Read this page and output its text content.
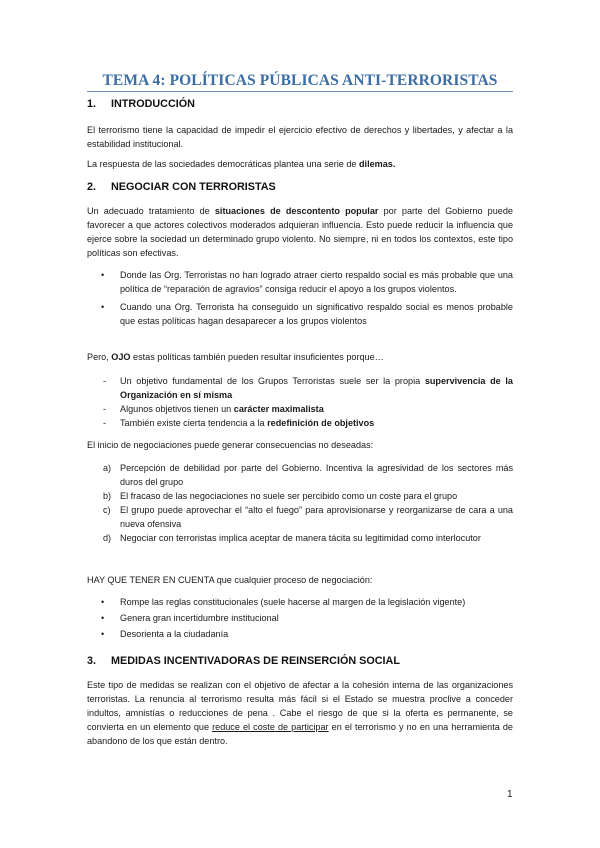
TEMA 4: POLÍTICAS PÚBLICAS ANTI-TERRORISTAS
1. INTRODUCCIÓN
El terrorismo tiene la capacidad de impedir el ejercicio efectivo de derechos y libertades, y afectar a la estabilidad institucional.
La respuesta de las sociedades democráticas plantea una serie de dilemas.
2. NEGOCIAR CON TERRORISTAS
Un adecuado tratamiento de situaciones de descontento popular por parte del Gobierno puede favorecer a que actores colectivos moderados adquieran influencia. Esto puede reducir la influencia que ejerce sobre la sociedad un determinado grupo violento. No siempre, ni en todos los contextos, este tipo políticas son efectivas.
•	Donde las Org. Terroristas no han logrado atraer cierto respaldo social es más probable que una política de “reparación de agravios” consiga reducir el apoyo a los grupos violentos.
•	Cuando una Org. Terrorista ha conseguido un significativo respaldo social es menos probable que estas políticas hagan desaparecer a los grupos violentos
Pero, OJO estas políticas también pueden resultar insuficientes porque…
-	Un objetivo fundamental de los Grupos Terroristas suele ser la propia supervivencia de la Organización en sí misma
-	Algunos objetivos tienen un carácter maximalista
-	También existe cierta tendencia a la redefinición de objetivos
El inicio de negociaciones puede generar consecuencias no deseadas:
a) Percepción de debilidad por parte del Gobierno. Incentiva la agresividad de los sectores más duros del grupo
b) El fracaso de las negociaciones no suele ser percibido como un coste para el grupo
c)	El grupo puede aprovechar el “alto el fuego” para aprovisionarse y reorganizarse de cara a una nueva ofensiva
d) Negociar con terroristas implica aceptar de manera tácita su legitimidad como interlocutor
HAY QUE TENER EN CUENTA que cualquier proceso de negociación:
•	Rompe las reglas constitucionales (suele hacerse al margen de la legislación vigente)
•	Genera gran incertidumbre institucional
•	Desorienta a la ciudadanía
3. MEDIDAS INCENTIVADORAS DE REINSERCIÓN SOCIAL
Este tipo de medidas se realizan con el objetivo de afectar a la cohesión interna de las organizaciones terroristas. La renuncia al terrorismo resulta más fácil si el Estado se muestra proclive a conceder indultos, amnistías o reducciones de pena . Cabe el riesgo de que si la oferta es permanente, se convierta en un elemento que reduce el coste de participar en el terrorismo y no en una herramienta de abandono de los que están dentro.
1
